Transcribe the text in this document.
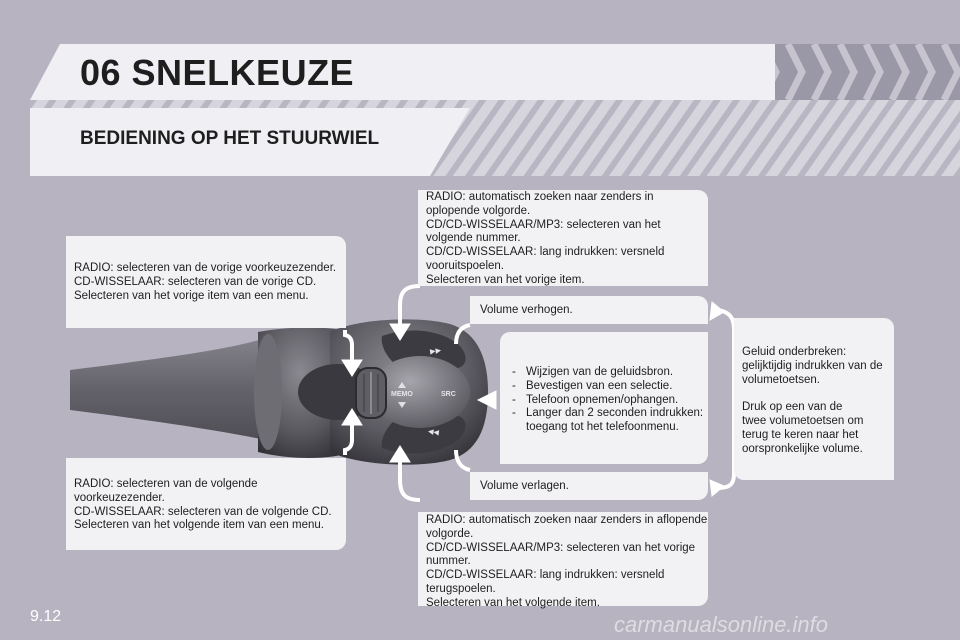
06 SNELKEUZE
BEDIENING OP HET STUURWIEL
MEMO	SRC
▸▸
◂◂

RADIO: selecteren van de vorige voorkeuzezender.
CD-WISSELAAR: selecteren van de vorige CD.
Selecteren van het vorige item van een menu.

RADIO: selecteren van de volgende
voorkeuzezender.
CD-WISSELAAR: selecteren van de volgende CD.
Selecteren van het volgende item van een menu.

RADIO: automatisch zoeken naar zenders in
oplopende volgorde.
CD/CD-WISSELAAR/MP3: selecteren van het
volgende nummer.
CD/CD-WISSELAAR: lang indrukken: versneld
vooruitspoelen.
Selecteren van het vorige item.

RADIO: automatisch zoeken naar zenders in aflopende
volgorde.
CD/CD-WISSELAAR/MP3: selecteren van het vorige
nummer.
CD/CD-WISSELAAR: lang indrukken: versneld
terugspoelen.
Selecteren van het volgende item.

Volume verhogen.

Volume verlagen.

- Wijzigen van de geluidsbron.
- Bevestigen van een selectie.
- Telefoon opnemen/ophangen.
- Langer dan 2 seconden indrukken:
toegang tot het telefoonmenu.

Geluid onderbreken:
gelijktijdig indrukken van de
volumetoetsen.

Druk op een van de
twee volumetoetsen om
terug te keren naar het
oorspronkelijke volume.

9.12	carmanualsonline.info
